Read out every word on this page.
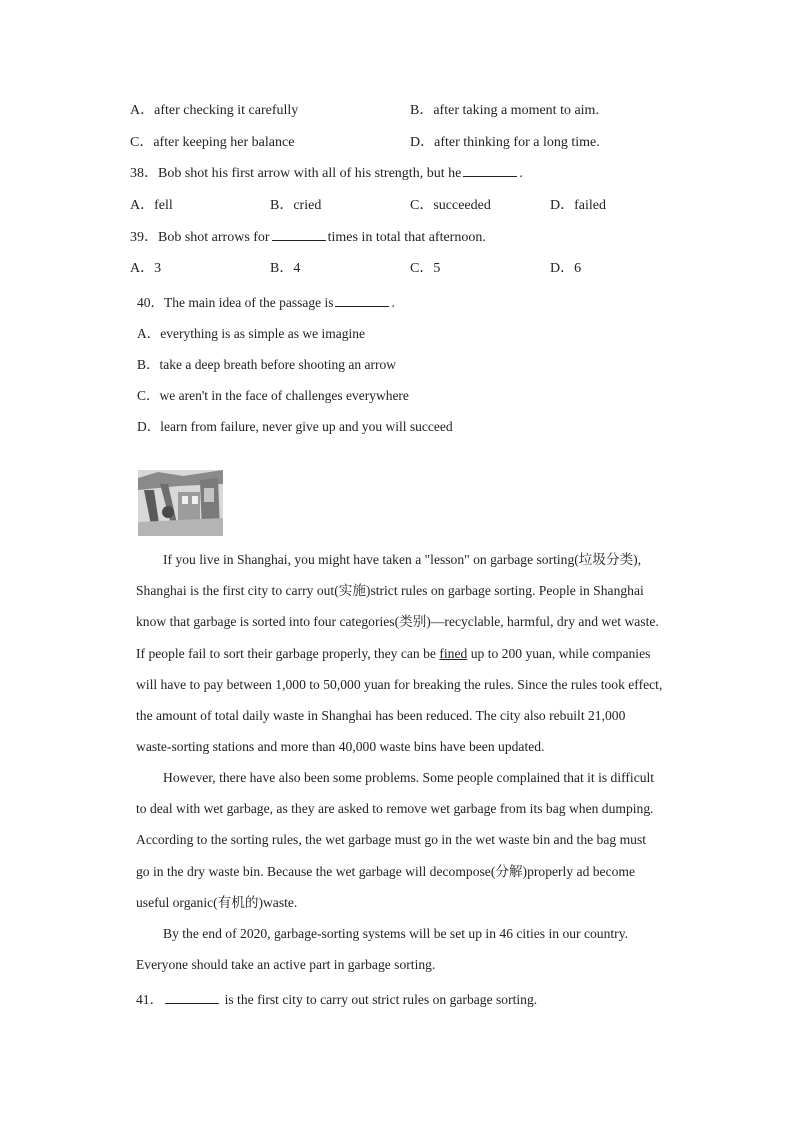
A．after checking it carefully	B．after taking a moment to aim.
C．after keeping her balance	D．after thinking for a long time.
38．Bob shot his first arrow with all of his strength, but he	.
A．fell	B．cried	C．succeeded	D．failed
39．Bob shot arrows for	times in total that afternoon.
A．3	B．4	C．5	D．6
40．The main idea of the passage is	.
A．everything is as simple as we imagine
B．take a deep breath before shooting an arrow
C．we aren't in the face of challenges everywhere
D．learn from failure, never give up and you will succeed
If you live in Shanghai, you might have taken a "lesson" on garbage sorting(垃圾分类),
Shanghai is the first city to carry out(实施)strict rules on garbage sorting. People in Shanghai
know that garbage is sorted into four categories(类别)—recyclable, harmful, dry and wet waste.
If people fail to sort their garbage properly, they can be fined up to 200 yuan, while companies
will have to pay between 1,000 to 50,000 yuan for breaking the rules. Since the rules took effect,
the amount of total daily waste in Shanghai has been reduced. The city also rebuilt 21,000
waste-sorting stations and more than 40,000 waste bins have been updated.
However, there have also been some problems. Some people complained that it is difficult
to deal with wet garbage, as they are asked to remove wet garbage from its bag when dumping.
According to the sorting rules, the wet garbage must go in the wet waste bin and the bag must
go in the dry waste bin. Because the wet garbage will decompose(分解)properly ad become
useful organic(有机的)waste.
By the end of 2020, garbage-sorting systems will be set up in 46 cities in our country.
Everyone should take an active part in garbage sorting.
41．	is the first city to carry out strict rules on garbage sorting.
